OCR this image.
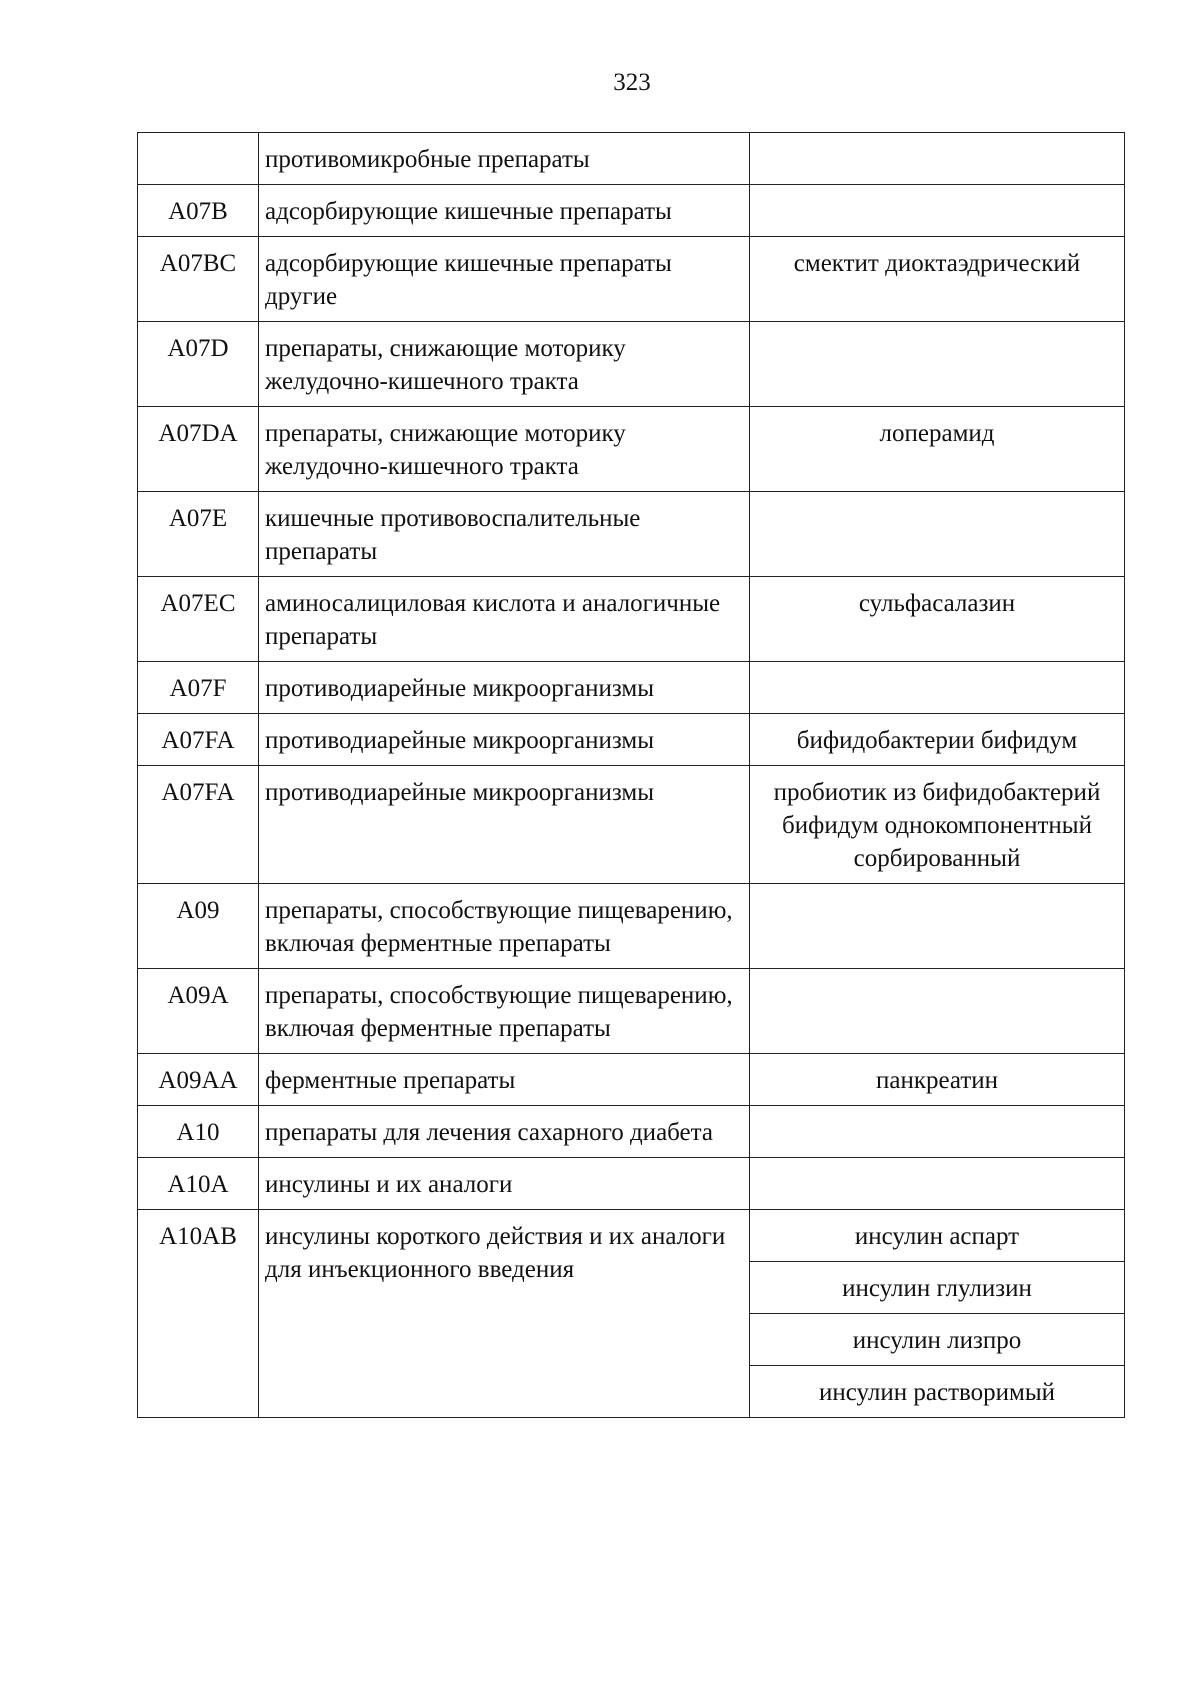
323
	противомикробные препараты	
A07B	адсорбирующие кишечные препараты	
A07BC	адсорбирующие кишечные препараты другие	смектит диоктаэдрический
A07D	препараты, снижающие моторику желудочно-кишечного тракта	
A07DA	препараты, снижающие моторику желудочно-кишечного тракта	лоперамид
A07E	кишечные противовоспалительные препараты	
A07EC	аминосалициловая кислота и аналогичные препараты	сульфасалазин
A07F	противодиарейные микроорганизмы	
A07FA	противодиарейные микроорганизмы	бифидобактерии бифидум
A07FA	противодиарейные микроорганизмы	пробиотик из бифидобактерий бифидум однокомпонентный сорбированный
A09	препараты, способствующие пищеварению, включая ферментные препараты	
A09A	препараты, способствующие пищеварению, включая ферментные препараты	
A09AA	ферментные препараты	панкреатин
A10	препараты для лечения сахарного диабета	
A10A	инсулины и их аналоги	
A10AB	инсулины короткого действия и их аналоги для инъекционного введения	инсулин аспарт
		инсулин глулизин
		инсулин лизпро
		инсулин растворимый
